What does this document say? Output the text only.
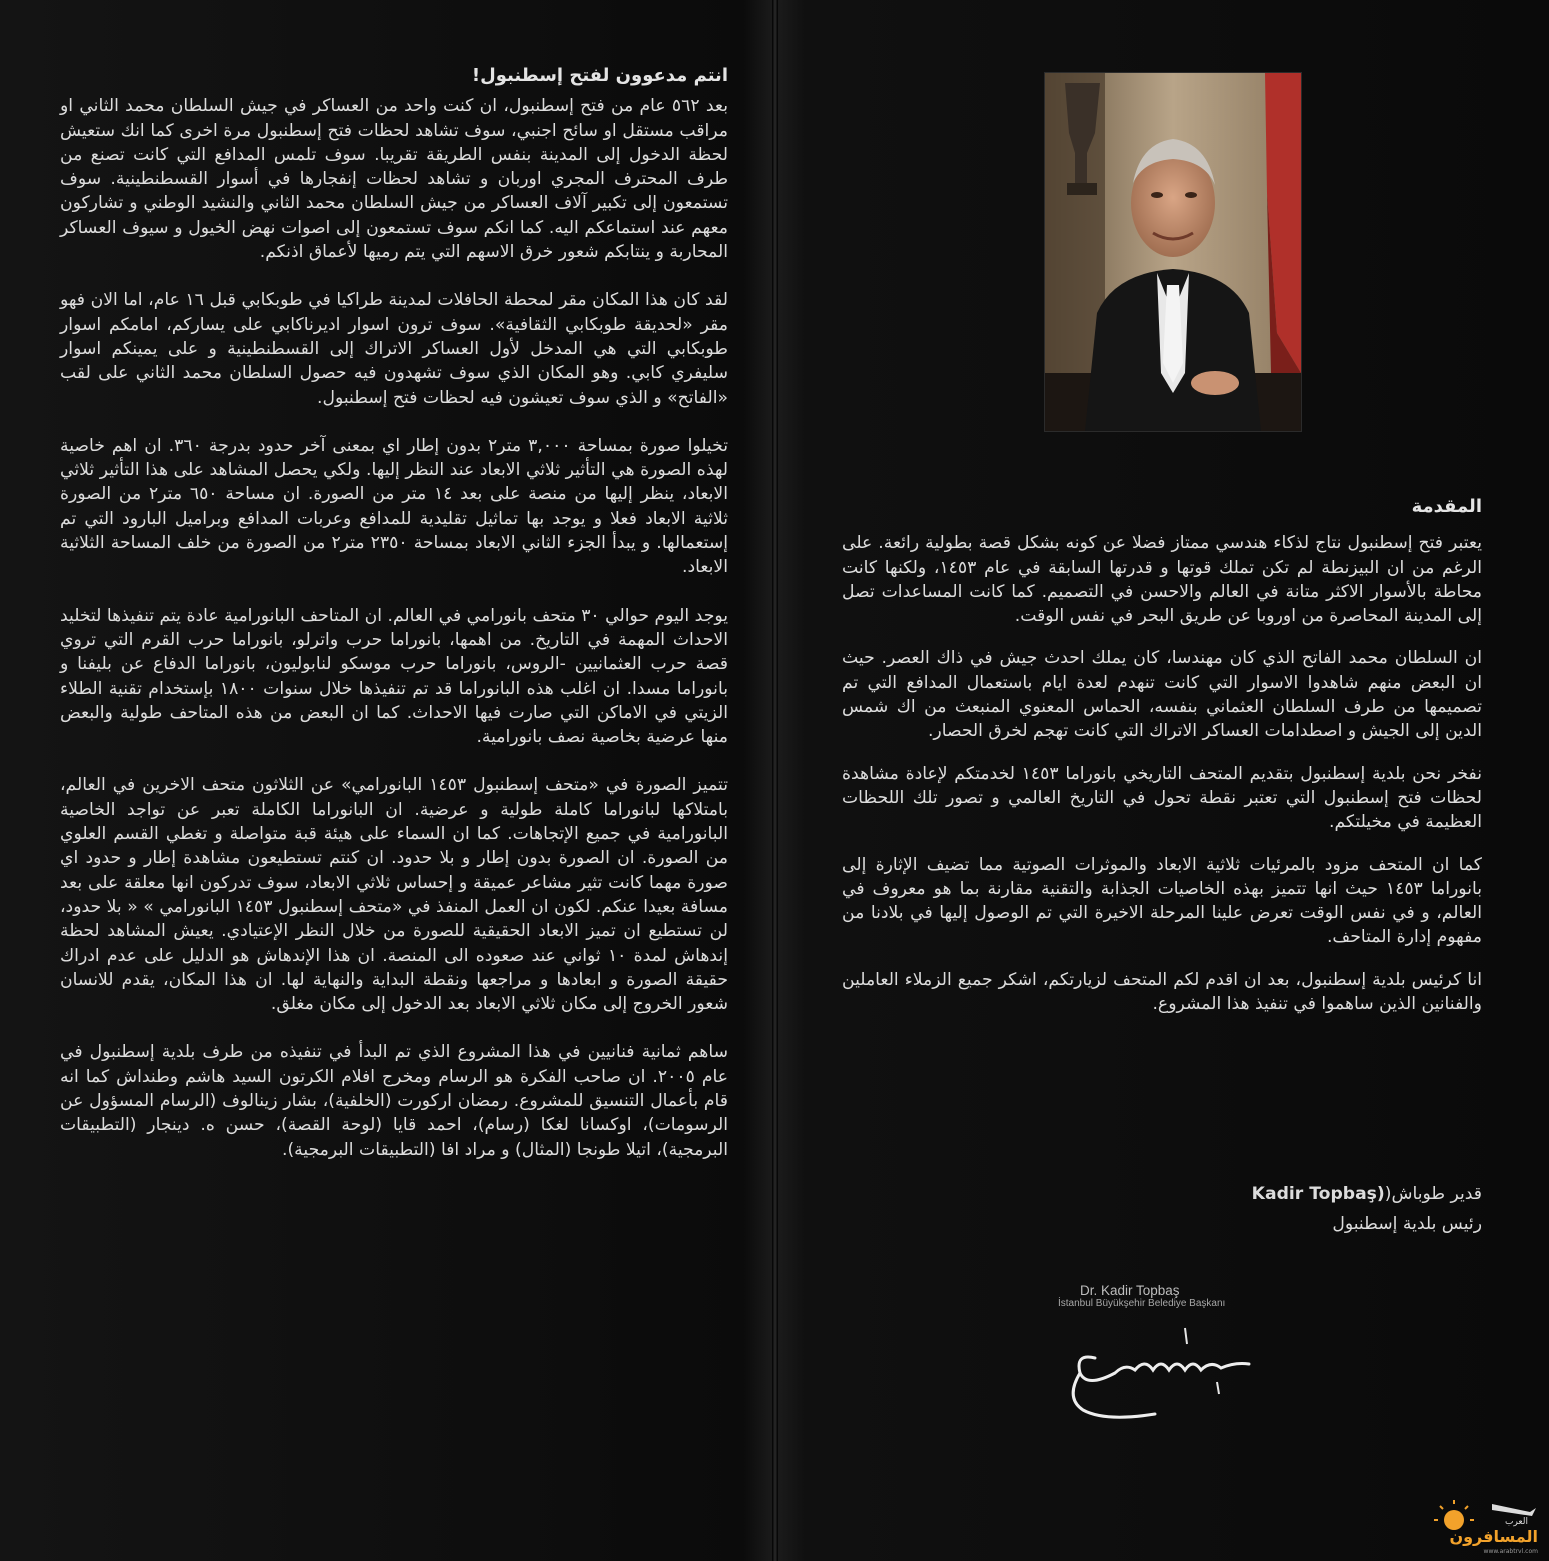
انتم مدعوون لفتح إسطنبول!

بعد ٥٦٢ عام من فتح إسطنبول، ان كنت واحد من العساكر في جيش السلطان محمد الثاني او مراقب مستقل او سائح اجنبي، سوف تشاهد لحظات فتح إسطنبول مرة اخرى كما انك ستعيش لحظة الدخول إلى المدينة بنفس الطريقة تقريبا. سوف تلمس المدافع التي كانت تصنع من طرف المحترف المجري اوربان و تشاهد لحظات إنفجارها في أسوار القسطنطينية. سوف تستمعون إلى تكبير آلاف العساكر من جيش السلطان محمد الثاني والنشيد الوطني و تشاركون معهم عند استماعكم اليه. كما انكم سوف تستمعون إلى اصوات نهض الخيول و سيوف العساكر المحاربة و ينتابكم شعور خرق الاسهم التي يتم رميها لأعماق اذنكم.

لقد كان هذا المكان مقر لمحطة الحافلات لمدينة طراكيا في طوبكابي قبل ١٦ عام، اما الان فهو مقر «لحديقة طوبكابي الثقافية». سوف ترون اسوار اديرناكابي على يساركم، امامكم اسوار طوبكابي التي هي المدخل لأول العساكر الاتراك إلى القسطنطينية و على يمينكم اسوار سليفري كابي. وهو المكان الذي سوف تشهدون فيه حصول السلطان محمد الثاني على لقب «الفاتح» و الذي سوف تعيشون فيه لحظات فتح إسطنبول.

تخيلوا صورة بمساحة ٣,٠٠٠ متر٢ بدون إطار اي بمعنى آخر حدود بدرجة ٣٦٠. ان اهم خاصية لهذه الصورة هي التأثير ثلاثي الابعاد عند النظر إليها. ولكي يحصل المشاهد على هذا التأثير ثلاثي الابعاد، ينظر إليها من منصة على بعد ١٤ متر من الصورة. ان مساحة ٦٥٠ متر٢ من الصورة ثلاثية الابعاد فعلا و يوجد بها تماثيل تقليدية للمدافع وعربات المدافع وبراميل البارود التي تم إستعمالها. و يبدأ الجزء الثاني الابعاد بمساحة ٢٣٥٠ متر٢ من الصورة من خلف المساحة الثلاثية الابعاد.

يوجد اليوم حوالي ٣٠ متحف بانورامي في العالم. ان المتاحف البانورامية عادة يتم تنفيذها لتخليد الاحداث المهمة في التاريخ. من اهمها، بانوراما حرب واترلو، بانوراما حرب القرم التي تروي قصة حرب العثمانيين -الروس، بانوراما حرب موسكو لنابوليون، بانوراما الدفاع عن بليفنا و بانوراما مسدا. ان اغلب هذه البانوراما قد تم تنفيذها خلال سنوات ١٨٠٠ بإستخدام تقنية الطلاء الزيتي في الاماكن التي صارت فيها الاحداث. كما ان البعض من هذه المتاحف طولية والبعض منها عرضية بخاصية نصف بانورامية.

تتميز الصورة في «متحف إسطنبول ١٤٥٣ البانورامي» عن الثلاثون متحف الاخرين في العالم، بامتلاكها لبانوراما كاملة طولية و عرضية. ان البانوراما الكاملة تعبر عن تواجد الخاصية البانورامية في جميع الإتجاهات. كما ان السماء على هيئة قبة متواصلة و تغطي القسم العلوي من الصورة. ان الصورة بدون إطار و بلا حدود. ان كنتم تستطيعون مشاهدة إطار و حدود اي صورة مهما كانت تثير مشاعر عميقة و إحساس ثلاثي الابعاد، سوف تدركون انها معلقة على بعد مسافة بعيدا عنكم. لكون ان العمل المنفذ في «متحف إسطنبول ١٤٥٣ البانورامي » « بلا حدود، لن تستطيع ان تميز الابعاد الحقيقية للصورة من خلال النظر الإعتيادي. يعيش المشاهد لحظة إندهاش لمدة ١٠ ثواني عند صعوده الى المنصة. ان هذا الإندهاش هو الدليل على عدم ادراك حقيقة الصورة و ابعادها و مراجعها ونقطة البداية والنهاية لها. ان هذا المكان، يقدم للانسان شعور الخروج إلى مكان ثلاثي الابعاد بعد الدخول إلى مكان مغلق.

ساهم ثمانية فنانيين في هذا المشروع الذي تم البدأ في تنفيذه من طرف بلدية إسطنبول في عام ٢٠٠٥. ان صاحب الفكرة هو الرسام ومخرج افلام الكرتون السيد هاشم وطنداش كما انه قام بأعمال التنسيق للمشروع. رمضان اركورت (الخلفية)، بشار زينالوف (الرسام المسؤول عن الرسومات)، اوكسانا لغكا (رسام)، احمد قايا (لوحة القصة)، حسن ه. دينجار (التطبيقات البرمجية)، اتيلا طونجا (المثال) و مراد افا (التطبيقات البرمجية).

المقدمة

يعتبر فتح إسطنبول نتاج لذكاء هندسي ممتاز فضلا عن كونه بشكل قصة بطولية رائعة. على الرغم من ان البيزنطة لم تكن تملك قوتها و قدرتها السابقة في عام ١٤٥٣، ولكنها كانت محاطة بالأسوار الاكثر متانة في العالم والاحسن في التصميم. كما كانت المساعدات تصل إلى المدينة المحاصرة من اوروبا عن طريق البحر في نفس الوقت.

ان السلطان محمد الفاتح الذي كان مهندسا، كان يملك احدث جيش في ذاك العصر. حيث ان البعض منهم شاهدوا الاسوار التي كانت تنهدم لعدة ايام باستعمال المدافع التي تم تصميمها من طرف السلطان العثماني بنفسه، الحماس المعنوي المنبعث من اك شمس الدين إلى الجيش و اصطدامات العساكر الاتراك التي كانت تهجم لخرق الحصار.

نفخر نحن بلدية إسطنبول بتقديم المتحف التاريخي بانوراما ١٤٥٣ لخدمتكم لإعادة مشاهدة لحظات فتح إسطنبول التي تعتبر نقطة تحول في التاريخ العالمي و تصور تلك اللحظات العظيمة في مخيلتكم.

كما ان المتحف مزود بالمرئيات ثلاثية الابعاد والموثرات الصوتية مما تضيف الإثارة إلى بانوراما ١٤٥٣ حيث انها تتميز بهذه الخاصيات الجذابة والتقنية مقارنة بما هو معروف في العالم، و في نفس الوقت تعرض علينا المرحلة الاخيرة التي تم الوصول إليها في بلادنا من مفهوم إدارة المتاحف.

انا كرئيس بلدية إسطنبول، بعد ان اقدم لكم المتحف لزيارتكم، اشكر جميع الزملاء العاملين والفنانين الذين ساهموا في تنفيذ هذا المشروع.

قدير طوباش(Kadir Topbaş)
رئيس بلدية إسطنبول
Dr. Kadir Topbaş
İstanbul Büyükşehir Belediye Başkanı
العرب
المسافرون
www.arabtrvl.com
